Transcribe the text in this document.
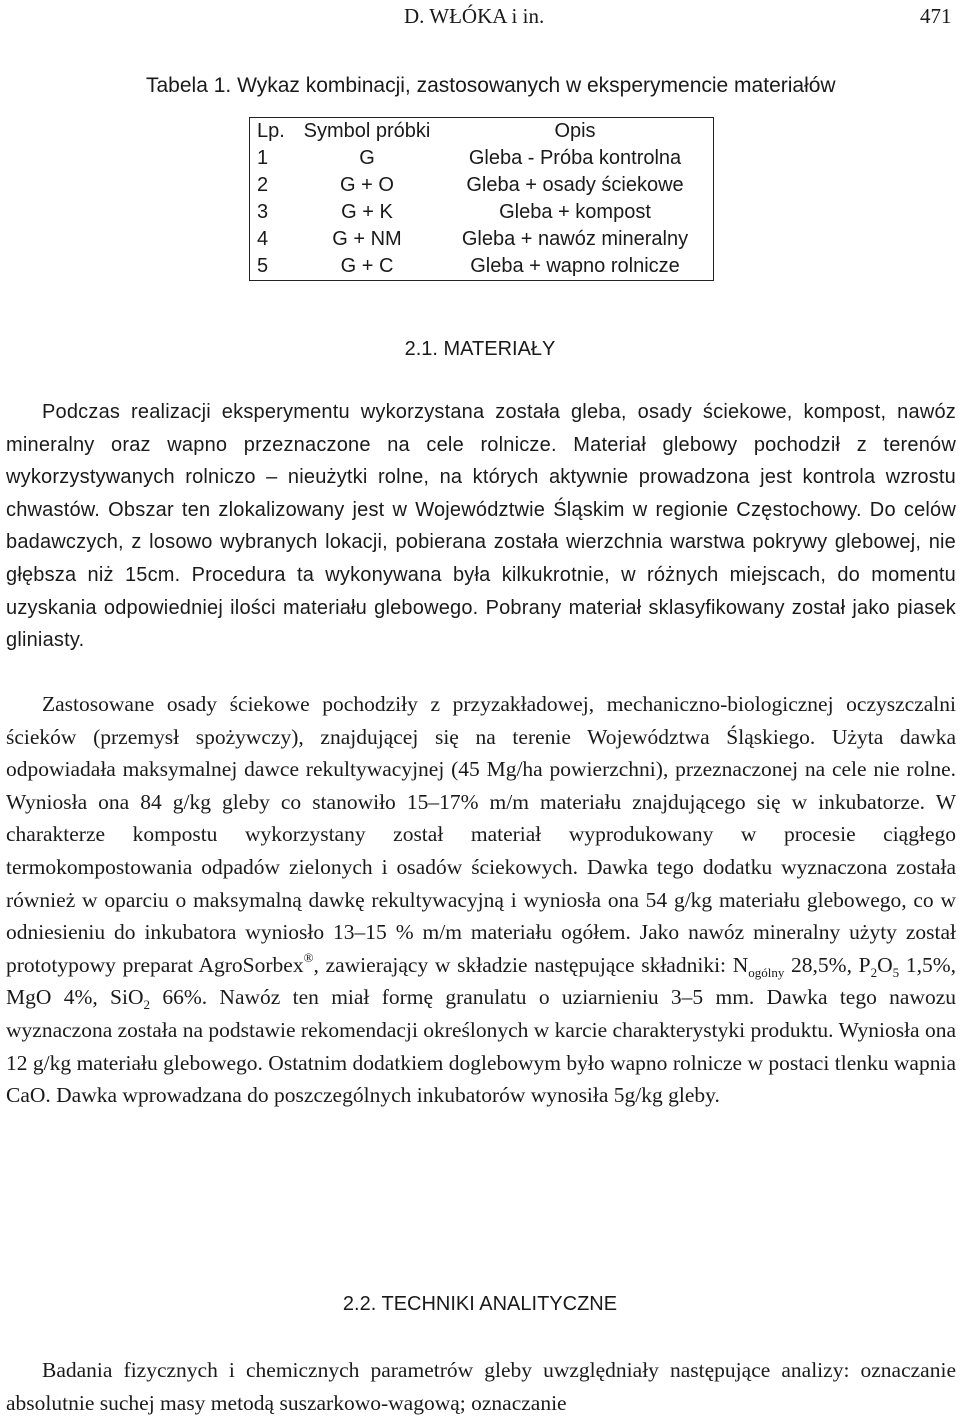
D. WŁÓKA i in.	471
Tabela 1. Wykaz kombinacji, zastosowanych w eksperymencie materiałów
Lp.	Symbol próbki	Opis
1	G	Gleba - Próba kontrolna
2	G + O	Gleba + osady ściekowe
3	G + K	Gleba + kompost
4	G + NM	Gleba + nawóz mineralny
5	G + C	Gleba + wapno rolnicze
2.1. MATERIAŁY

Podczas realizacji eksperymentu wykorzystana została gleba, osady ściekowe, kompost, nawóz mineralny oraz wapno przeznaczone na cele rolnicze. Materiał glebowy pochodził z terenów wykorzystywanych rolniczo – nieużytki rolne, na których aktywnie prowadzona jest kontrola wzrostu chwastów. Obszar ten zlokalizowany jest w Województwie Śląskim w regionie Częstochowy. Do celów badawczych, z losowo wybranych lokacji, pobierana została wierzchnia warstwa pokrywy glebowej, nie głębsza niż 15cm. Procedura ta wykonywana była kilkukrotnie, w różnych miejscach, do momentu uzyskania odpowiedniej ilości materiału glebowego. Pobrany materiał sklasyfikowany został jako piasek gliniasty.

Zastosowane osady ściekowe pochodziły z przyzakładowej, mechaniczno-biologicznej oczyszczalni ścieków (przemysł spożywczy), znajdującej się na terenie Województwa Śląskiego. Użyta dawka odpowiadała maksymalnej dawce rekultywacyjnej (45 Mg/ha powierzchni), przeznaczonej na cele nie rolne. Wyniosła ona 84 g/kg gleby co stanowiło 15–17% m/m materiału znajdującego się w inkubatorze. W charakterze kompostu wykorzystany został materiał wyprodukowany w procesie ciągłego termokompostowania odpadów zielonych i osadów ściekowych. Dawka tego dodatku wyznaczona została również w oparciu o maksymalną dawkę rekultywacyjną i wyniosła ona 54 g/kg materiału glebowego, co w odniesieniu do inkubatora wyniosło 13–15 % m/m materiału ogółem. Jako nawóz mineralny użyty został prototypowy preparat AgroSorbex®, zawierający w składzie następujące składniki: $N_{ogólny}$ 28,5%, $P_2O_5$ 1,5%, MgO 4%, SiO$_2$ 66%. Nawóz ten miał formę granulatu o uziarnieniu 3–5 mm. Dawka tego nawozu wyznaczona została na podstawie rekomendacji określonych w karcie charakterystyki produktu. Wyniosła ona 12 g/kg materiału glebowego. Ostatnim dodatkiem doglebowym było wapno rolnicze w postaci tlenku wapnia CaO. Dawka wprowadzana do poszczególnych inkubatorów wynosiła 5g/kg gleby.

2.2. TECHNIKI ANALITYCZNE

Badania fizycznych i chemicznych parametrów gleby uwzględniały następujące analizy: oznaczanie absolutnie suchej masy metodą suszarkowo-wagową; oznaczanie
